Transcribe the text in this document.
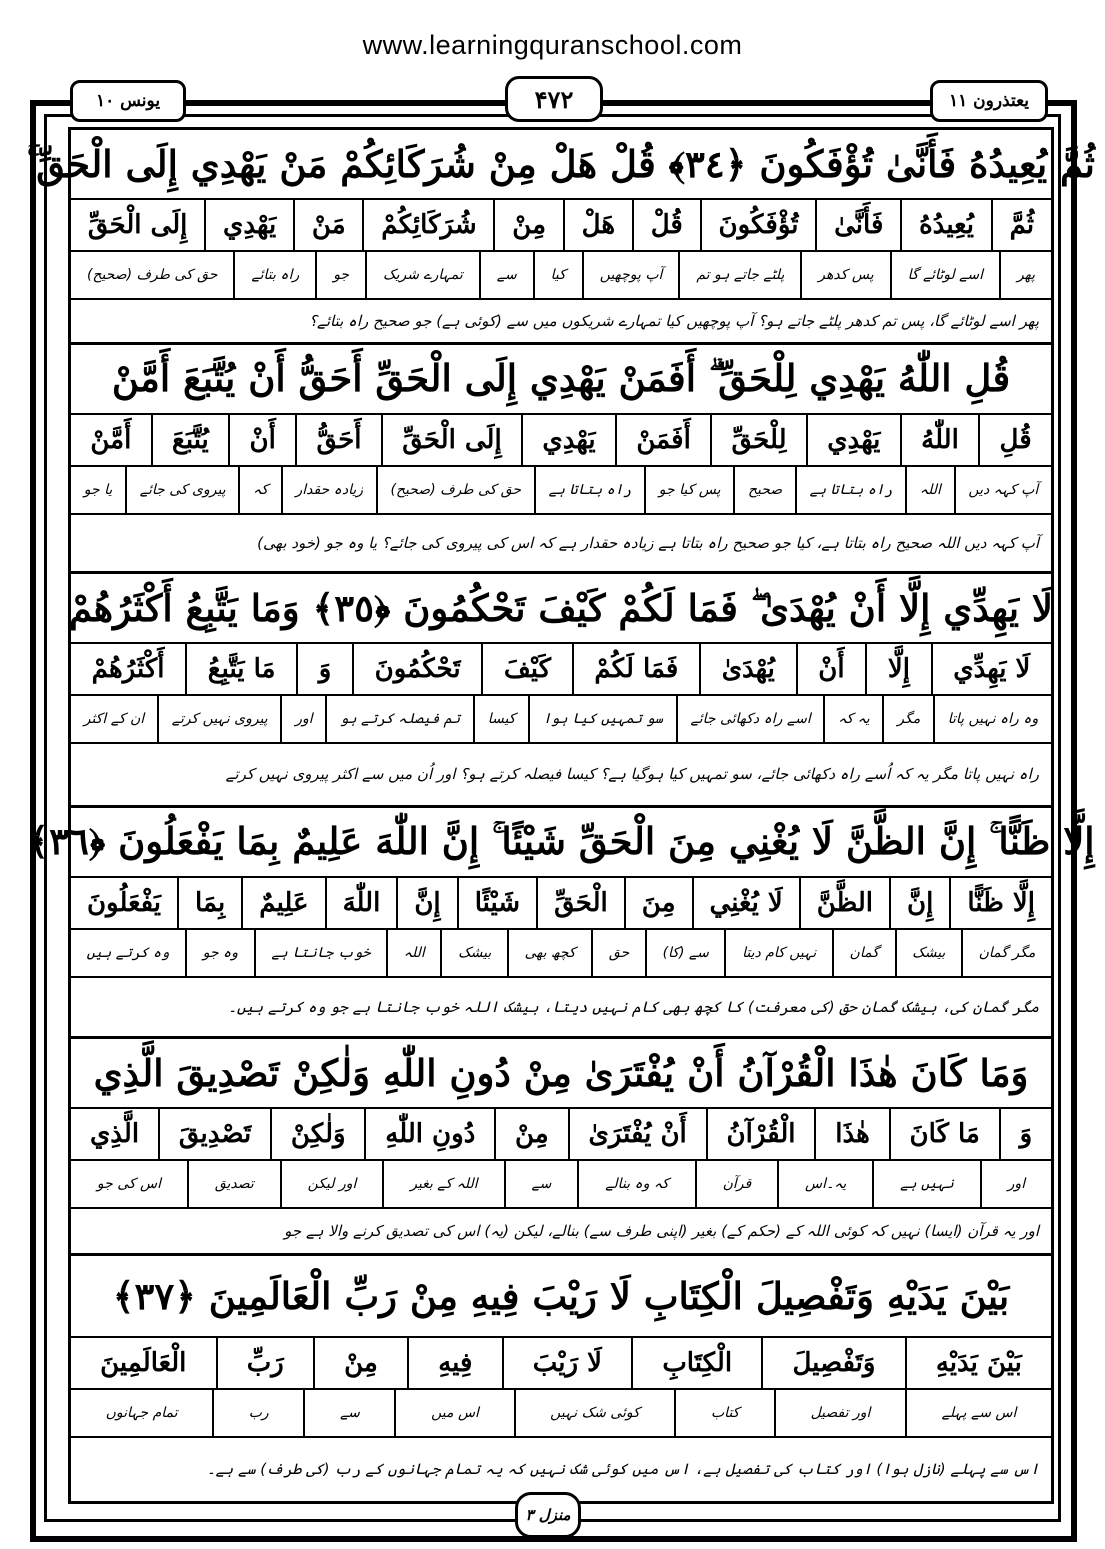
www.learningquranschool.com
يونس ١٠	۴۷۲	يعتذرون ١١
ثُمَّ يُعِيدُهُ فَأَنَّىٰ تُؤْفَكُونَ ﴿٣٤﴾ قُلْ هَلْ مِنْ شُرَكَائِكُمْ مَنْ يَهْدِي إِلَى الْحَقِّ ۚ
ثُمَّ
يُعِيدُهُ
فَأَنَّىٰ
تُؤْفَكُونَ
قُلْ
هَلْ
مِنْ
شُرَكَائِكُمْ
مَنْ
يَهْدِي
إِلَى الْحَقِّ
پھر
اسے لوٹائے گا
پس کدھر
پلٹے جاتے ہو تم
آپ پوچھیں
کیا
سے
تمہارے شریک
جو
راہ بتائے
حق کی طرف (صحیح)
پھر اسے لوٹائے گا، پس تم کدھر پلٹے جاتے ہو؟ آپ پوچھیں کیا تمہارے شریکوں میں سے (کوئی ہے) جو صحیح راہ بتائے؟
قُلِ اللّٰهُ يَهْدِي لِلْحَقِّ ۗ أَفَمَنْ يَهْدِي إِلَى الْحَقِّ أَحَقُّ أَنْ يُتَّبَعَ أَمَّنْ
قُلِ
اللّٰهُ
يَهْدِي
لِلْحَقِّ
أَفَمَنْ
يَهْدِي
إِلَى الْحَقِّ
أَحَقُّ
أَنْ
يُتَّبَعَ
أَمَّنْ
آپ کہہ دیں
اللہ
راہ بتاتا ہے
صحیح
پس کیا جو
راہ بتاتا ہے
حق کی طرف (صحیح)
زیادہ حقدار
کہ
پیروی کی جائے
یا جو
آپ کہہ دیں اللہ صحیح راہ بتاتا ہے، کیا جو صحیح راہ بتاتا ہے زیادہ حقدار ہے کہ اس کی پیروی کی جائے؟ یا وہ جو (خود بھی)
لَا يَهِدِّي إِلَّا أَنْ يُهْدَىٰ ۖ فَمَا لَكُمْ كَيْفَ تَحْكُمُونَ ﴿٣٥﴾ وَمَا يَتَّبِعُ أَكْثَرُهُمْ
لَا يَهِدِّي
إِلَّا
أَنْ
يُهْدَىٰ
فَمَا لَكُمْ
كَيْفَ
تَحْكُمُونَ
وَ
مَا يَتَّبِعُ
أَكْثَرُهُمْ
وہ راہ نہیں پاتا
مگر
یہ کہ
اسے راہ دکھائی جائے
سو تمہیں کیا ہوا
کیسا
تم فیصلہ کرتے ہو
اور
پیروی نہیں کرتے
ان کے اکثر
راہ نہیں پاتا مگر یہ کہ اُسے راہ دکھائی جائے، سو تمہیں کیا ہوگیا ہے؟ کیسا فیصلہ کرتے ہو؟ اور اُن میں سے اکثر پیروی نہیں کرتے
إِلَّا ظَنًّا ۚ إِنَّ الظَّنَّ لَا يُغْنِي مِنَ الْحَقِّ شَيْئًا ۚ إِنَّ اللّٰهَ عَلِيمٌ بِمَا يَفْعَلُونَ ﴿٣٦﴾
إِلَّا ظَنًّا
إِنَّ
الظَّنَّ
لَا يُغْنِي
مِنَ
الْحَقِّ
شَيْئًا
إِنَّ
اللّٰهَ
عَلِيمٌ
بِمَا
يَفْعَلُونَ
مگر گمان
بیشک
گمان
نہیں کام دیتا
سے (کا)
حق
کچھ بھی
بیشک
اللہ
خوب جانتا ہے
وہ جو
وہ کرتے ہیں
مگر گمان کی، بیشک گمان حق (کی معرفت) کا کچھ بھی کام نہیں دیتا، بیشک اللہ خوب جانتا ہے جو وہ کرتے ہیں۔
وَمَا كَانَ هٰذَا الْقُرْآنُ أَنْ يُفْتَرَىٰ مِنْ دُونِ اللّٰهِ وَلٰكِنْ تَصْدِيقَ الَّذِي
وَ
مَا كَانَ
هٰذَا
الْقُرْآنُ
أَنْ يُفْتَرَىٰ
مِنْ
دُونِ اللّٰهِ
وَلٰكِنْ
تَصْدِيقَ
الَّذِي
اور
نہیں ہے
یہ۔اس
قرآن
کہ وہ بنالے
سے
اللہ کے بغیر
اور لیکن
تصدیق
اس کی جو
اور یہ قرآن (ایسا) نہیں کہ کوئی اللہ کے (حکم کے) بغیر (اپنی طرف سے) بنالے، لیکن (یہ) اس کی تصدیق کرنے والا ہے جو
بَيْنَ يَدَيْهِ وَتَفْصِيلَ الْكِتَابِ لَا رَيْبَ فِيهِ مِنْ رَبِّ الْعَالَمِينَ ﴿٣٧﴾
بَيْنَ يَدَيْهِ
وَتَفْصِيلَ
الْكِتَابِ
لَا رَيْبَ
فِيهِ
مِنْ
رَبِّ
الْعَالَمِينَ
اس سے پہلے
اور تفصیل
کتاب
کوئی شک نہیں
اس میں
سے
رب
تمام جہانوں
اس سے پہلے (نازل ہوا) اور کتاب کی تفصیل ہے، اس میں کوئی شک نہیں کہ یہ تمام جہانوں کے رب (کی طرف) سے ہے۔
منزل ٣
